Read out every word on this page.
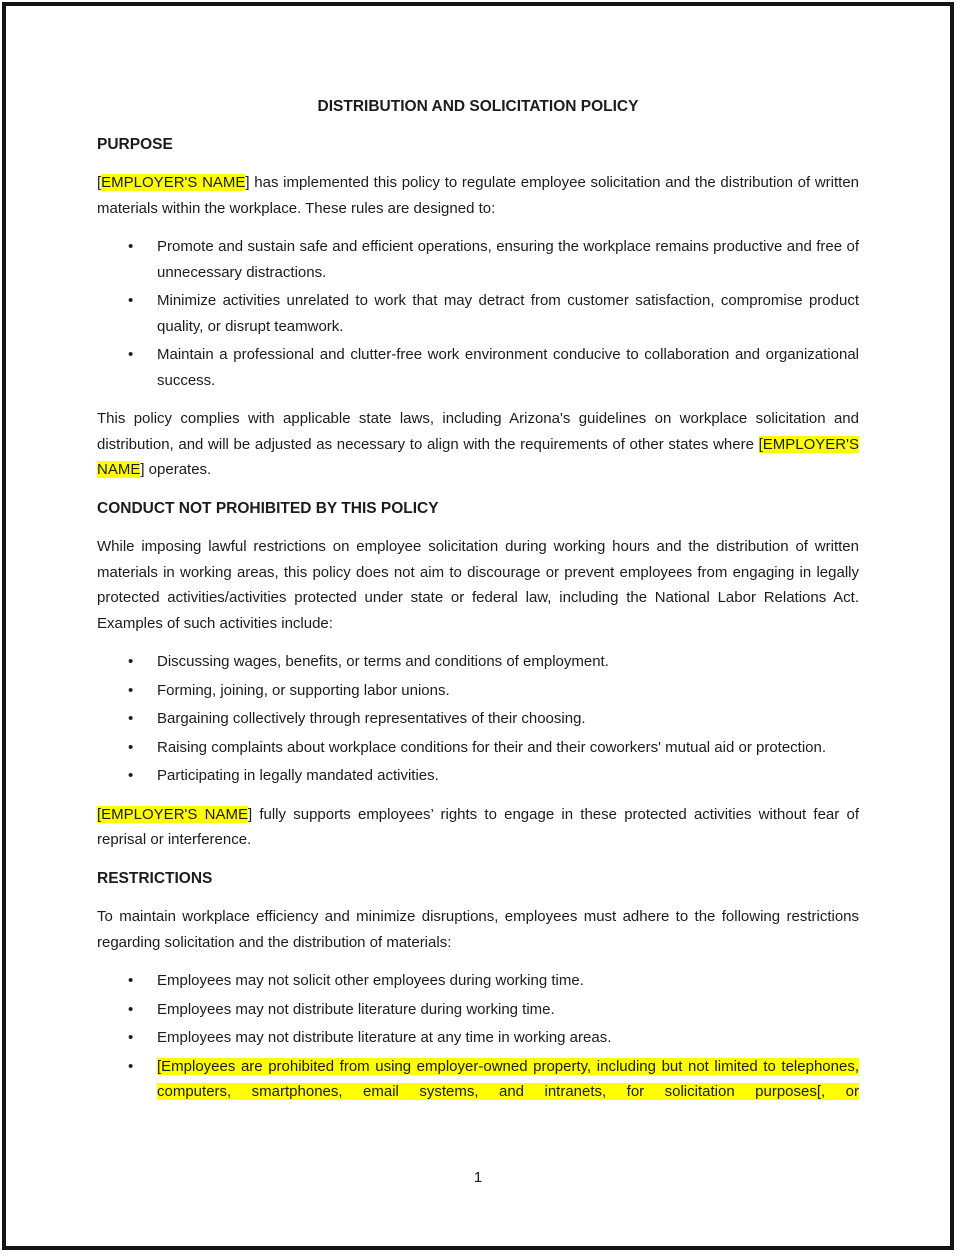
DISTRIBUTION AND SOLICITATION POLICY

PURPOSE

[EMPLOYER'S NAME] has implemented this policy to regulate employee solicitation and the distribution of written materials within the workplace. These rules are designed to:

• Promote and sustain safe and efficient operations, ensuring the workplace remains productive and free of unnecessary distractions.
• Minimize activities unrelated to work that may detract from customer satisfaction, compromise product quality, or disrupt teamwork.
• Maintain a professional and clutter-free work environment conducive to collaboration and organizational success.

This policy complies with applicable state laws, including Arizona's guidelines on workplace solicitation and distribution, and will be adjusted as necessary to align with the requirements of other states where [EMPLOYER'S NAME] operates.

CONDUCT NOT PROHIBITED BY THIS POLICY

While imposing lawful restrictions on employee solicitation during working hours and the distribution of written materials in working areas, this policy does not aim to discourage or prevent employees from engaging in legally protected activities/activities protected under state or federal law, including the National Labor Relations Act. Examples of such activities include:

• Discussing wages, benefits, or terms and conditions of employment.
• Forming, joining, or supporting labor unions.
• Bargaining collectively through representatives of their choosing.
• Raising complaints about workplace conditions for their and their coworkers' mutual aid or protection.
• Participating in legally mandated activities.

[EMPLOYER'S NAME] fully supports employees’ rights to engage in these protected activities without fear of reprisal or interference.

RESTRICTIONS

To maintain workplace efficiency and minimize disruptions, employees must adhere to the following restrictions regarding solicitation and the distribution of materials:

• Employees may not solicit other employees during working time.
• Employees may not distribute literature during working time.
• Employees may not distribute literature at any time in working areas.
• [Employees are prohibited from using employer-owned property, including but not limited to telephones, computers, smartphones, email systems, and intranets, for solicitation purposes[, or
1
